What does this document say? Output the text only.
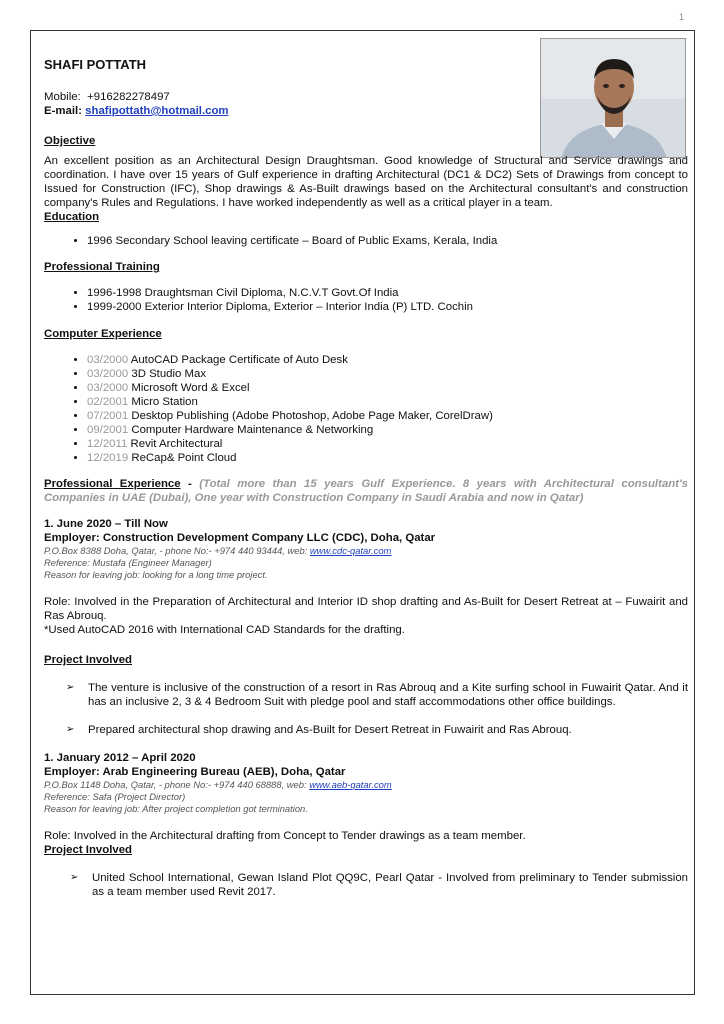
1
SHAFI POTTATH

Mobile: +916282278497

E-mail: shafipottath@hotmail.com

Objective

An excellent position as an Architectural Design Draughtsman. Good knowledge of Structural and Service drawings and coordination. I have over 15 years of Gulf experience in drafting Architectural (DC1 & DC2) Sets of Drawings from concept to Issued for Construction (IFC), Shop drawings & As-Built drawings based on the Architectural consultant's and construction company's Rules and Regulations. I have worked independently as well as a critical player in a team.

Education
• 1996 Secondary School leaving certificate – Board of Public Exams, Kerala, India
Professional Training
• 1996-1998 Draughtsman Civil Diploma, N.C.V.T Govt.Of India
• 1999-2000 Exterior Interior Diploma, Exterior – Interior India (P) LTD. Cochin
Computer Experience
• 03/2000 AutoCAD Package Certificate of Auto Desk
• 03/2000 3D Studio Max
• 03/2000 Microsoft Word & Excel
• 02/2001 Micro Station
• 07/2001 Desktop Publishing (Adobe Photoshop, Adobe Page Maker, CorelDraw)
• 09/2001 Computer Hardware Maintenance & Networking
• 12/2011 Revit Architectural
• 12/2019 ReCap& Point Cloud

Professional Experience - (Total more than 15 years Gulf Experience. 8 years with Architectural consultant's Companies in UAE (Dubai), One year with Construction Company in Saudi Arabia and now in Qatar)

1. June 2020 – Till Now
Employer: Construction Development Company LLC (CDC), Doha, Qatar

P.O.Box 8388 Doha, Qatar, - phone No:- +974 440 93444, web: www.cdc-qatar.com

Reference: Mustafa (Engineer Manager)

Reason for leaving job: looking for a long time project.

Role: Involved in the Preparation of Architectural and Interior ID shop drafting and As-Built for Desert Retreat at – Fuwairit and Ras Abrouq.

*Used AutoCAD 2016 with International CAD Standards for the drafting.

Project Involved
➢	The venture is inclusive of the construction of a resort in Ras Abrouq and a Kite surfing school in Fuwairit Qatar. And it has an inclusive 2, 3 & 4 Bedroom Suit with pledge pool and staff accommodations other office buildings.
➢	Prepared architectural shop drawing and As-Built for Desert Retreat in Fuwairit and Ras Abrouq.
1. January 2012 – April 2020
Employer: Arab Engineering Bureau (AEB), Doha, Qatar

P.O.Box 1148 Doha, Qatar, - phone No:- +974 440 68888, web: www.aeb-qatar.com

Reference: Safa (Project Director)

Reason for leaving job: After project completion got termination.

Role: Involved in the Architectural drafting from Concept to Tender drawings as a team member.

Project Involved
➢	United School International, Gewan Island Plot QQ9C, Pearl Qatar - Involved from preliminary to Tender submission as a team member used Revit 2017.
